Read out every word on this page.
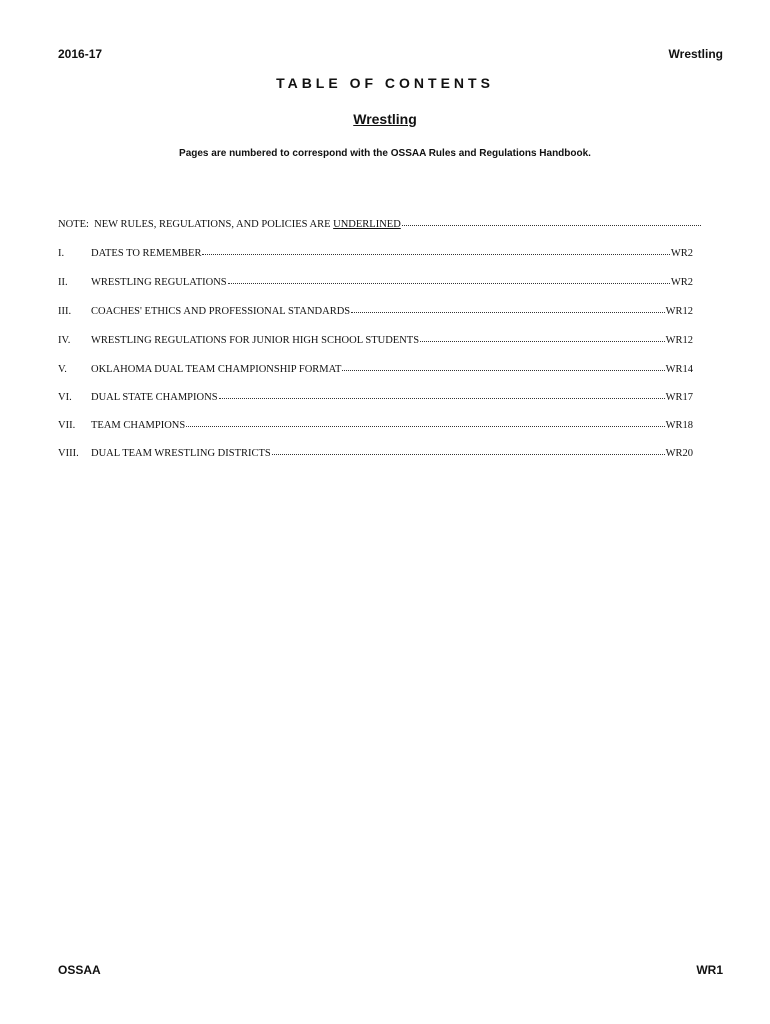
2016-17	Wrestling
TABLE OF CONTENTS
Wrestling
Pages are numbered to correspond with the OSSAA Rules and Regulations Handbook.
NOTE:  NEW RULES, REGULATIONS, AND POLICIES ARE UNDERLINED
I.	DATES TO REMEMBER	WR2
II.	WRESTLING REGULATIONS	WR2
III.	COACHES' ETHICS AND PROFESSIONAL STANDARDS	WR12
IV.	WRESTLING REGULATIONS FOR JUNIOR HIGH SCHOOL STUDENTS	WR12
V.	OKLAHOMA DUAL TEAM CHAMPIONSHIP FORMAT	WR14
VI.	DUAL STATE CHAMPIONS	WR17
VII.	TEAM CHAMPIONS	WR18
VIII.	DUAL TEAM WRESTLING DISTRICTS	WR20
OSSAA	WR1
